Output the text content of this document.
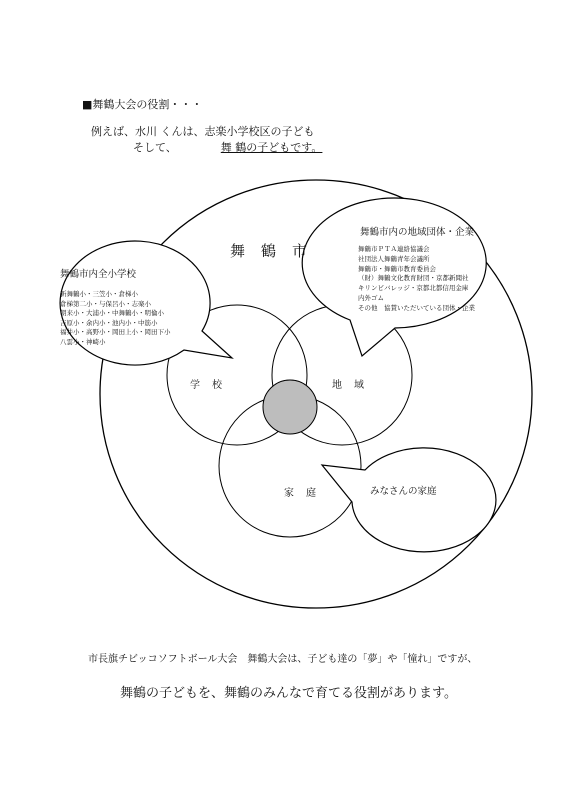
■舞鶴大会の役割・・・
例えば、水川 くんは、志楽小学校区の子ども
そして、	舞 鶴の子どもです。
舞鶴市
学校	地域
家庭
舞鶴市内全小学校
新舞鶴小・三笠小・倉梯小
倉梯第二小・与保呂小・志楽小
朝来小・大浦小・中舞鶴小・明倫小
吉原小・余内小・池内小・中筋小
福井小・高野小・岡田上小・岡田下小
八雲小・神崎小
舞鶴市内の地域団体・企業
舞鶴市ＰＴＡ連絡協議会
社団法人舞鶴青年会議所
舞鶴市・舞鶴市教育委員会
（財）舞鶴文化教育財団・京都新聞社
キリンビバレッジ・京都北都信用金庫
内外ゴム
その他　協賛いただいている団体・企業
みなさんの家庭
市長旗チビッコソフトボール大会　舞鶴大会は、子ども達の「夢」や「憧れ」ですが、
舞鶴の子どもを、舞鶴のみんなで育てる役割があります。
